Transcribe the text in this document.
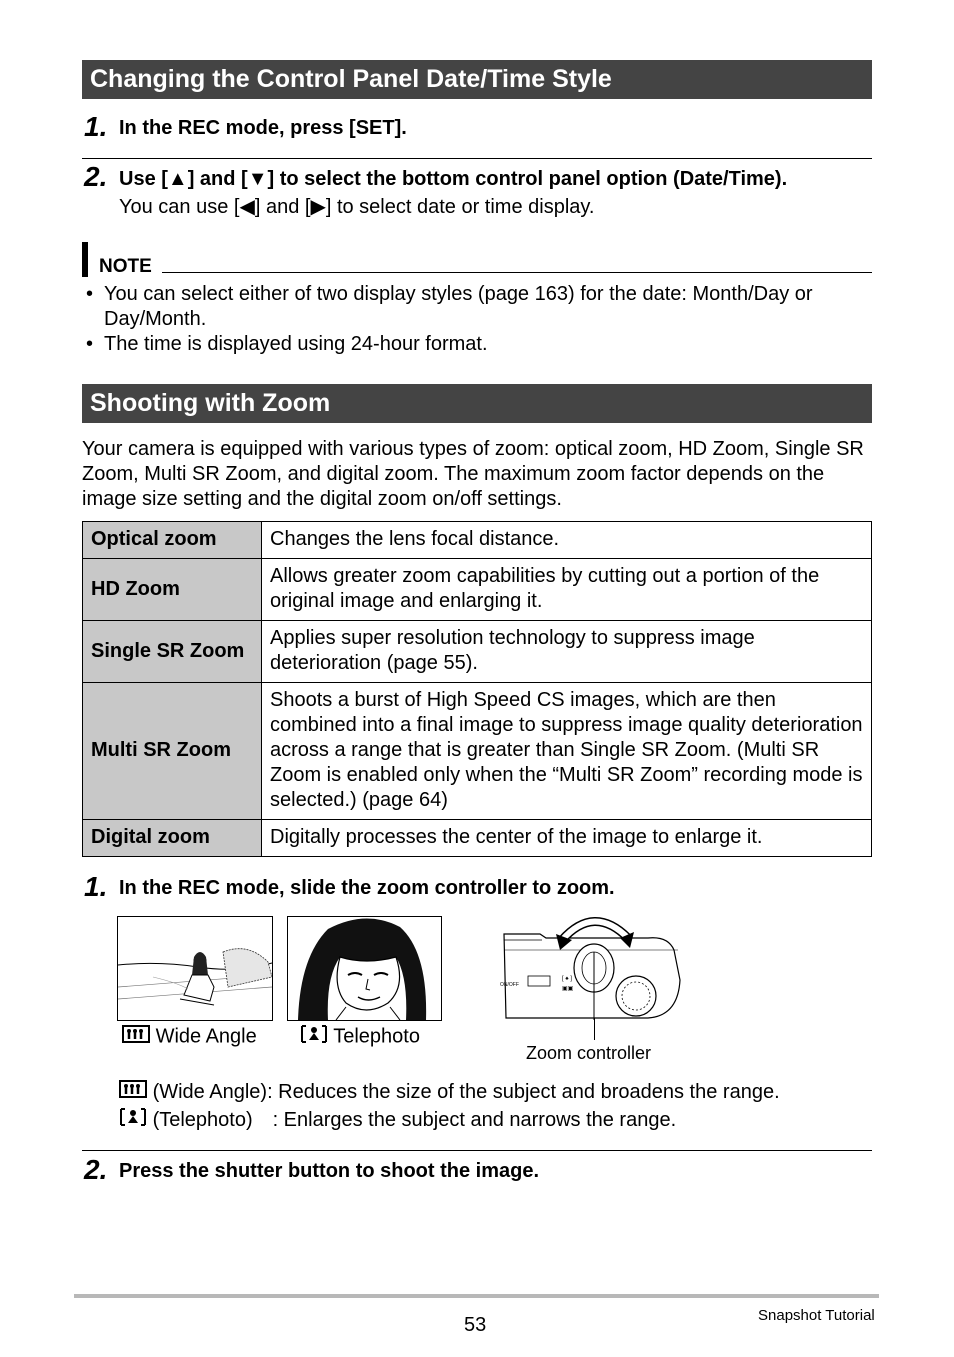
Changing the Control Panel Date/Time Style
1. In the REC mode, press [SET].
2. Use [▲] and [▼] to select the bottom control panel option (Date/Time).
You can use [◀] and [▶] to select date or time display.
NOTE
• You can select either of two display styles (page 163) for the date: Month/Day or Day/Month.
• The time is displayed using 24-hour format.
Shooting with Zoom
Your camera is equipped with various types of zoom: optical zoom, HD Zoom, Single SR Zoom, Multi SR Zoom, and digital zoom. The maximum zoom factor depends on the image size setting and the digital zoom on/off settings.
Optical zoom	Changes the lens focal distance.
HD Zoom	Allows greater zoom capabilities by cutting out a portion of the original image and enlarging it.
Single SR Zoom	Applies super resolution technology to suppress image deterioration (page 55).
Multi SR Zoom	Shoots a burst of High Speed CS images, which are then combined into a final image to suppress image quality deterioration across a range that is greater than Single SR Zoom. (Multi SR Zoom is enabled only when the “Multi SR Zoom” recording mode is selected.) (page 64)
Digital zoom	Digitally processes the center of the image to enlarge it.
1. In the REC mode, slide the zoom controller to zoom.
ON/OFF
[ ♠ ]
▣▣
Wide Angle	Telephoto
Zoom controller
(Wide Angle): Reduces the size of the subject and broadens the range.
(Telephoto) : Enlarges the subject and narrows the range.
2. Press the shutter button to shoot the image.
53	Snapshot Tutorial
